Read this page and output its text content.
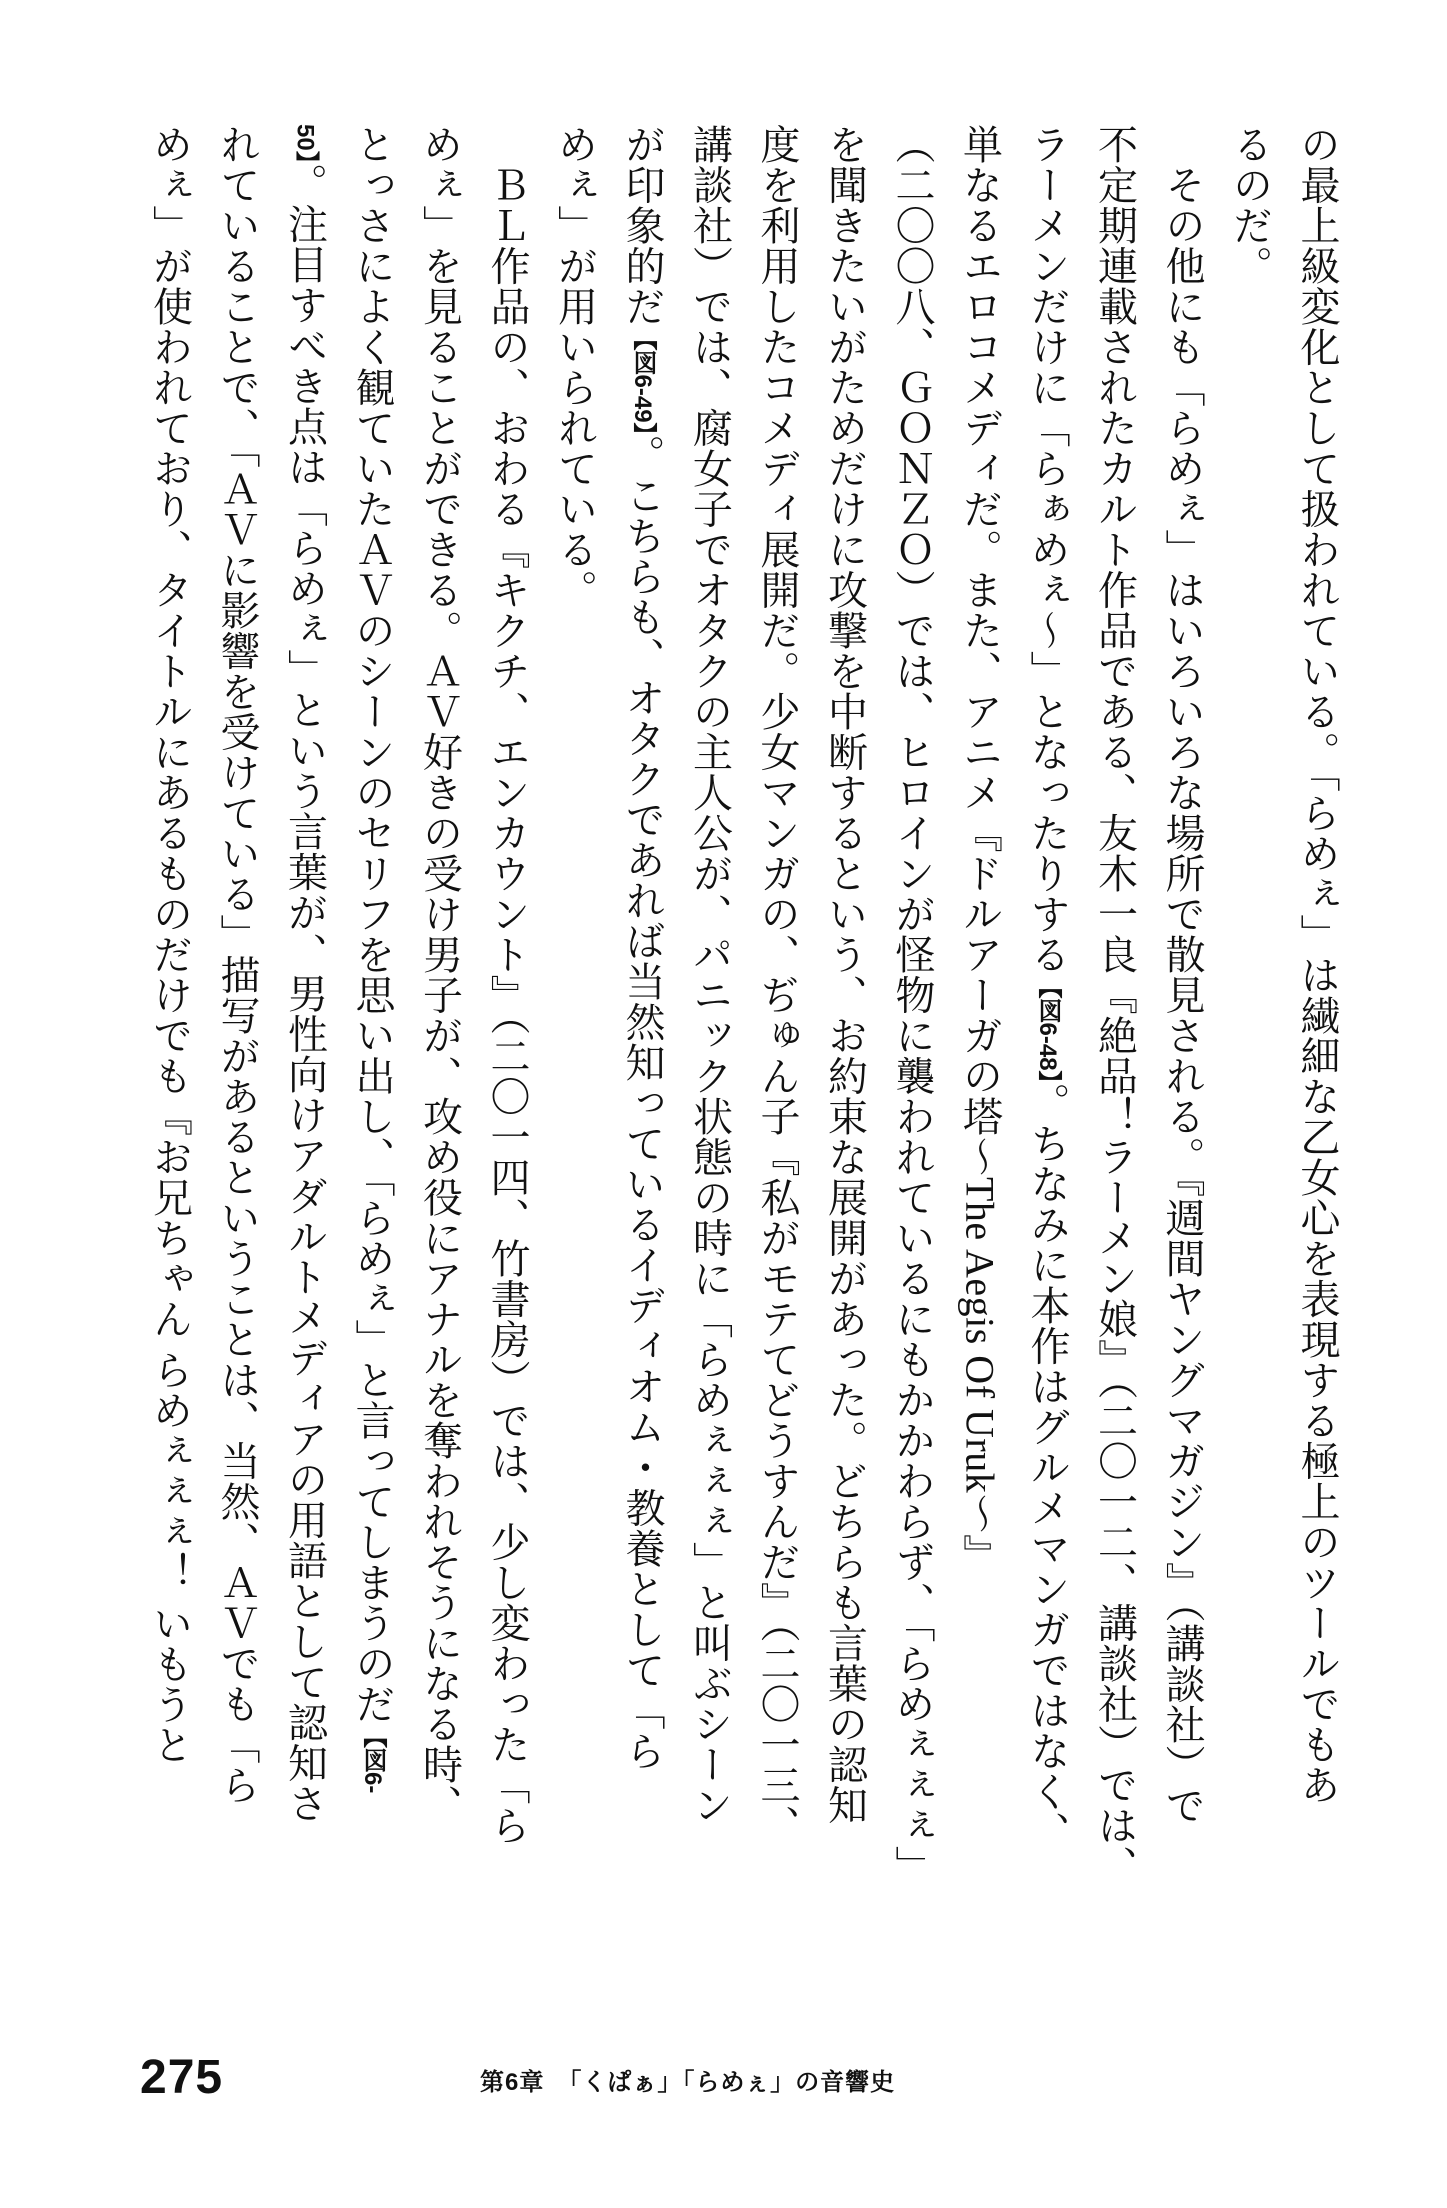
の最上級変化として扱われている。「らめぇ」は繊細な乙女心を表現する極上のツールでもあ
るのだ。
　その他にも「らめぇ」はいろいろな場所で散見される。『週間ヤングマガジン』（講談社）で
不定期連載されたカルト作品である、友木一良『絶品！ラーメン娘』（二〇一二、講談社）では、
ラーメンだけに「らぁめぇ〜」となったりする【図6-48】。ちなみに本作はグルメマンガではなく、
単なるエロコメディだ。また、アニメ『ドルアーガの塔〜The Aegis Of Uruk〜』
（二〇〇八、ＧＯＮＺＯ）では、ヒロインが怪物に襲われているにもかかわらず、「らめぇぇぇ」
を聞きたいがためだけに攻撃を中断するという、お約束な展開があった。どちらも言葉の認知
度を利用したコメディ展開だ。少女マンガの、ぢゅん子『私がモテてどうすんだ』（二〇一三、
講談社）では、腐女子でオタクの主人公が、パニック状態の時に「らめぇぇぇ」と叫ぶシーン
が印象的だ【図6-49】。こちらも、オタクであれば当然知っているイディオム・教養として「ら
めぇ」が用いられている。
　ＢＬ作品の、おわる『キクチ、エンカウント』（二〇一四、竹書房）では、少し変わった「ら
めぇ」を見ることができる。ＡＶ好きの受け男子が、攻め役にアナルを奪われそうになる時、
とっさによく観ていたＡＶのシーンのセリフを思い出し、「らめぇ」と言ってしまうのだ【図6-
50】。注目すべき点は「らめぇ」という言葉が、男性向けアダルトメディアの用語として認知さ
れていることで、「ＡＶに影響を受けている」描写があるということは、当然、ＡＶでも「ら
めぇ」が使われており、タイトルにあるものだけでも『お兄ちゃん らめぇぇぇ！ いもうと
275	第6章　「くぱぁ」「らめぇ」の音響史
